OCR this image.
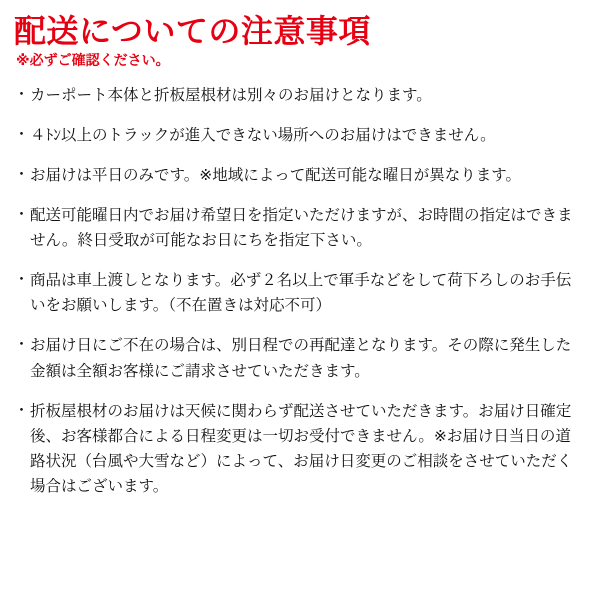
配送についての注意事項
※必ずご確認ください。
・ カーポート本体と折板屋根材は別々のお届けとなります。
・ ４ﾄﾝ以上のトラックが進入できない場所へのお届けはできません。
・ お届けは平日のみです。※地域によって配送可能な曜日が異なります。
・ 配送可能曜日内でお届け希望日を指定いただけますが、お時間の指定はできません。終日受取が可能なお日にちを指定下さい。
・ 商品は車上渡しとなります。必ず２名以上で軍手などをして荷下ろしのお手伝いをお願いします。（不在置きは対応不可）
・ お届け日にご不在の場合は、別日程での再配達となります。その際に発生した金額は全額お客様にご請求させていただきます。
・ 折板屋根材のお届けは天候に関わらず配送させていただきます。お届け日確定後、お客様都合による日程変更は一切お受付できません。※お届け日当日の道路状況（台風や大雪など）によって、お届け日変更のご相談をさせていただく場合はございます。
